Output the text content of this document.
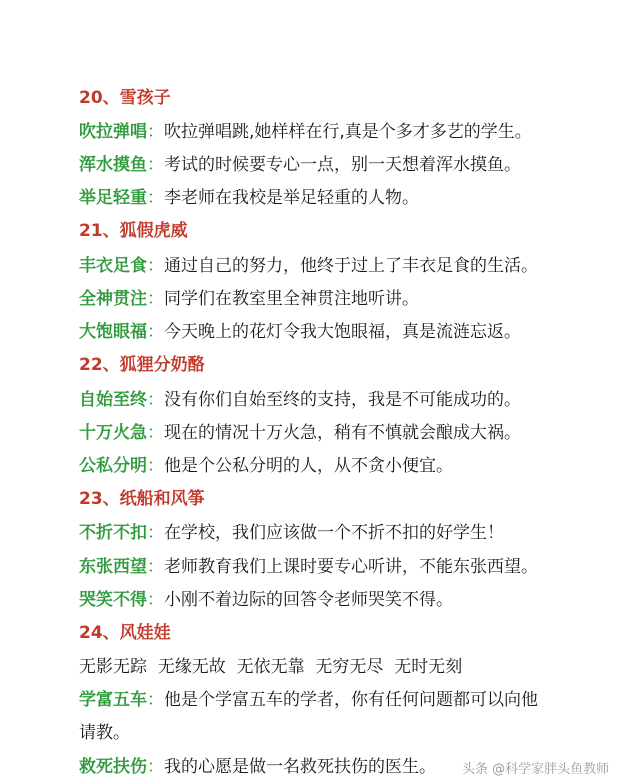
20、雪孩子
吹拉弹唱：吹拉弹唱跳,她样样在行,真是个多才多艺的学生。
浑水摸鱼：考试的时候要专心一点，别一天想着浑水摸鱼。
举足轻重：李老师在我校是举足轻重的人物。
21、狐假虎威
丰衣足食：通过自己的努力，他终于过上了丰衣足食的生活。
全神贯注：同学们在教室里全神贯注地听讲。
大饱眼福：今天晚上的花灯令我大饱眼福，真是流涟忘返。
22、狐狸分奶酪
自始至终：没有你们自始至终的支持，我是不可能成功的。
十万火急：现在的情况十万火急，稍有不慎就会酿成大祸。
公私分明：他是个公私分明的人，从不贪小便宜。
23、纸船和风筝
不折不扣：在学校，我们应该做一个不折不扣的好学生！
东张西望：老师教育我们上课时要专心听讲，不能东张西望。
哭笑不得：小刚不着边际的回答令老师哭笑不得。
24、风娃娃
无影无踪  无缘无故  无依无靠  无穷无尽  无时无刻
学富五车：他是个学富五车的学者，你有任何问题都可以向他
请教。
救死扶伤：我的心愿是做一名救死扶伤的医生。	头条 @科学家胖头鱼教师
